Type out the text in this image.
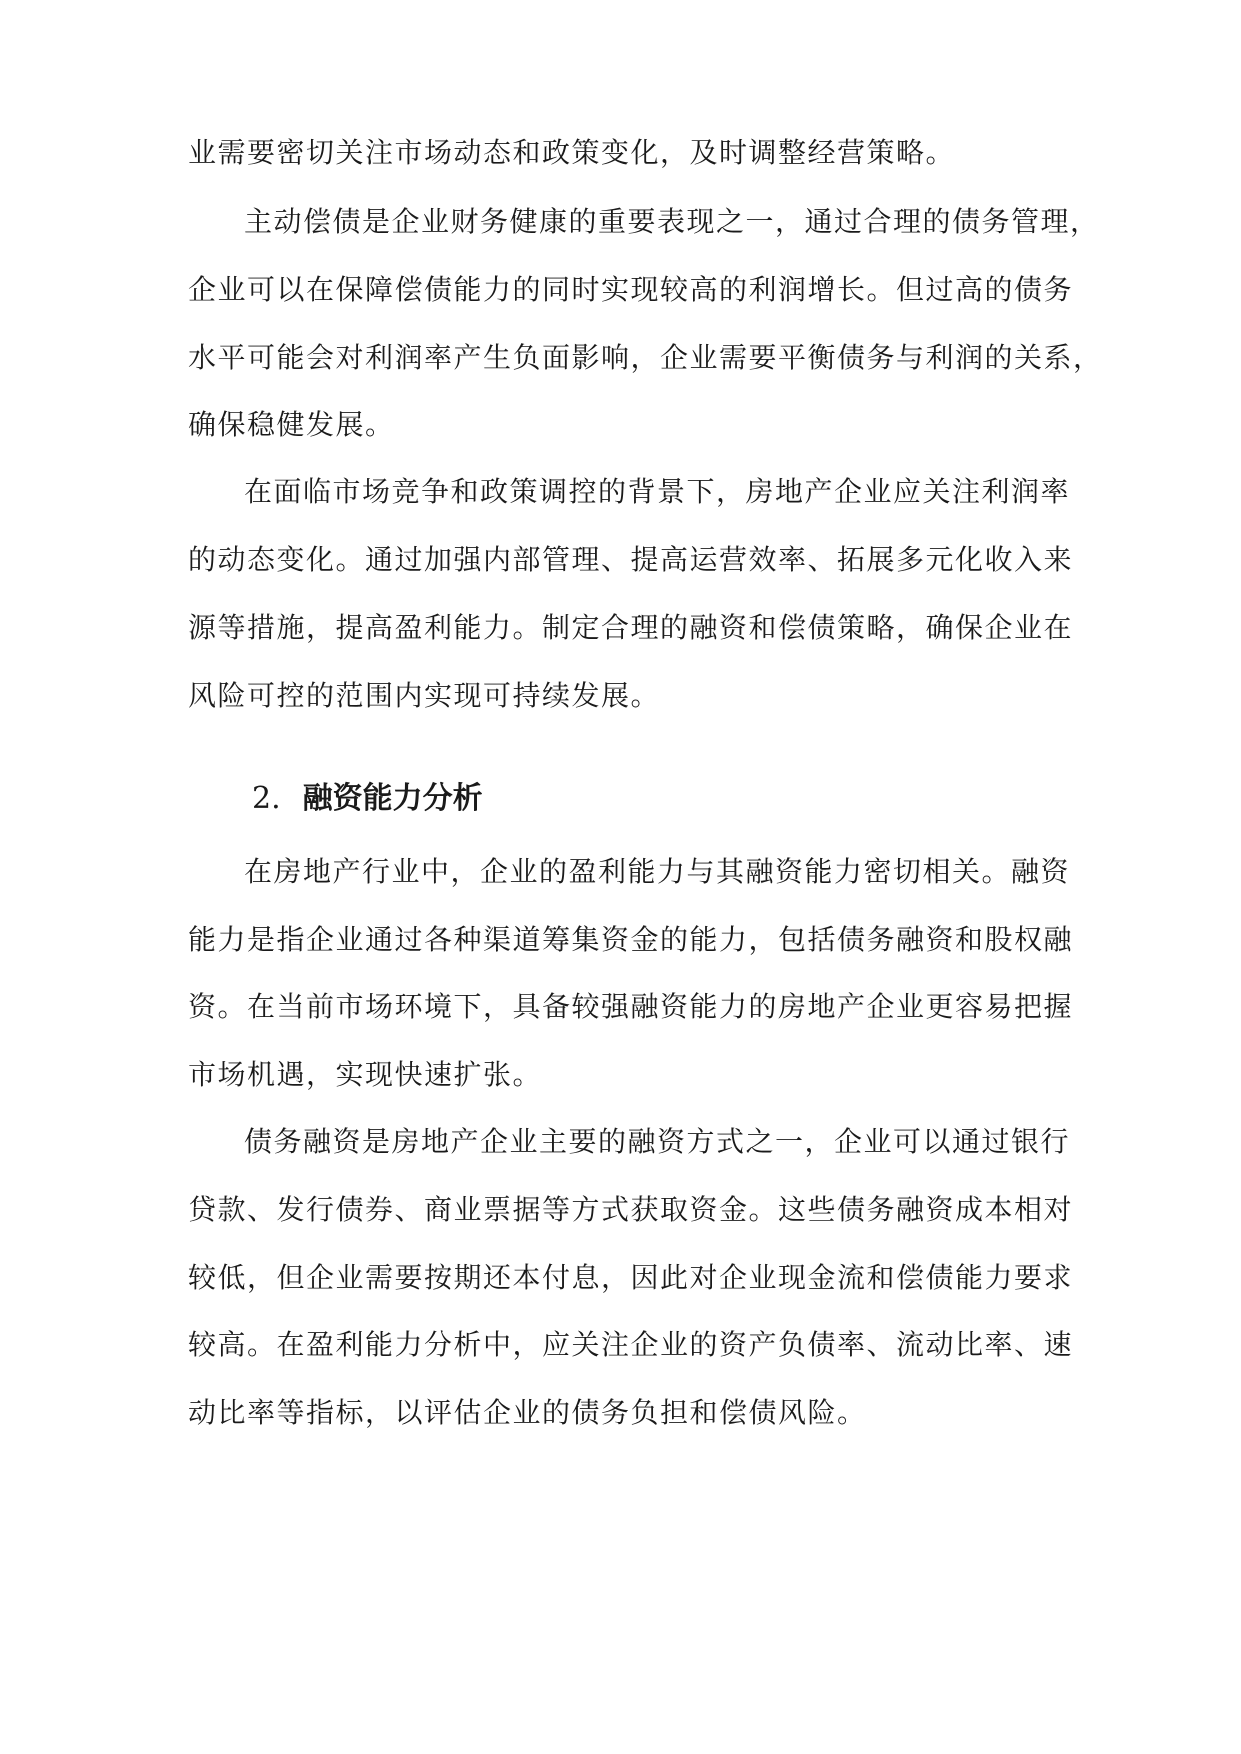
业需要密切关注市场动态和政策变化，及时调整经营策略。
主动偿债是企业财务健康的重要表现之一，通过合理的债务管理，
企业可以在保障偿债能力的同时实现较高的利润增长。但过高的债务
水平可能会对利润率产生负面影响，企业需要平衡债务与利润的关系，
确保稳健发展。
在面临市场竞争和政策调控的背景下，房地产企业应关注利润率
的动态变化。通过加强内部管理、提高运营效率、拓展多元化收入来
源等措施，提高盈利能力。制定合理的融资和偿债策略，确保企业在
风险可控的范围内实现可持续发展。
2. 融资能力分析
在房地产行业中，企业的盈利能力与其融资能力密切相关。融资
能力是指企业通过各种渠道筹集资金的能力，包括债务融资和股权融
资。在当前市场环境下，具备较强融资能力的房地产企业更容易把握
市场机遇，实现快速扩张。
债务融资是房地产企业主要的融资方式之一，企业可以通过银行
贷款、发行债券、商业票据等方式获取资金。这些债务融资成本相对
较低，但企业需要按期还本付息，因此对企业现金流和偿债能力要求
较高。在盈利能力分析中，应关注企业的资产负债率、流动比率、速
动比率等指标，以评估企业的债务负担和偿债风险。
